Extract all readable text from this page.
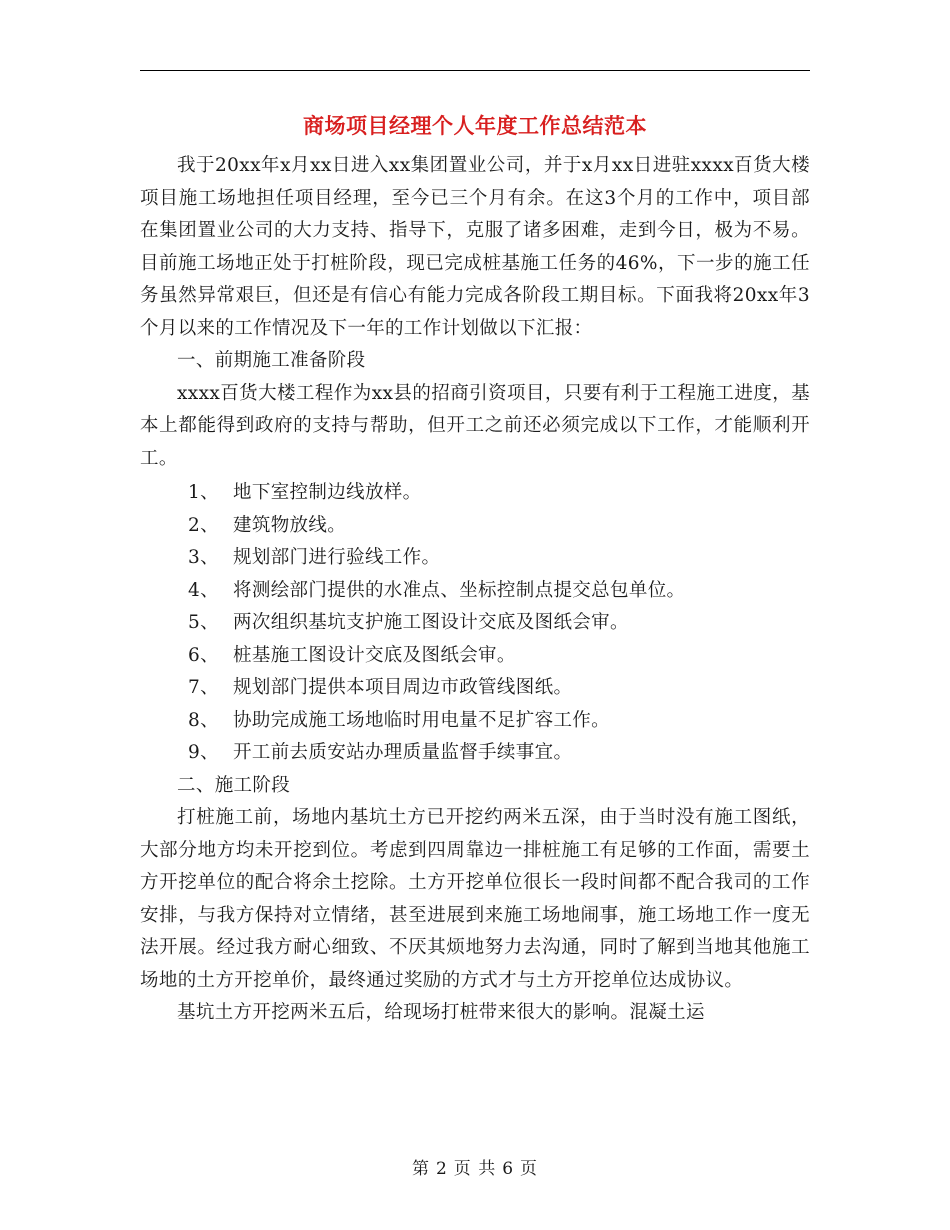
商场项目经理个人年度工作总结范本

我于20xx年x月xx日进入xx集团置业公司，并于x月xx日进驻xxxx百货大楼项目施工场地担任项目经理，至今已三个月有余。在这3个月的工作中，项目部在集团置业公司的大力支持、指导下，克服了诸多困难，走到今日，极为不易。目前施工场地正处于打桩阶段，现已完成桩基施工任务的46%，下一步的施工任务虽然异常艰巨，但还是有信心有能力完成各阶段工期目标。下面我将20xx年3个月以来的工作情况及下一年的工作计划做以下汇报：

一、前期施工准备阶段

xxxx百货大楼工程作为xx县的招商引资项目，只要有利于工程施工进度，基本上都能得到政府的支持与帮助，但开工之前还必须完成以下工作，才能顺利开工。

1、 地下室控制边线放样。
2、 建筑物放线。
3、 规划部门进行验线工作。
4、 将测绘部门提供的水准点、坐标控制点提交总包单位。
5、 两次组织基坑支护施工图设计交底及图纸会审。
6、 桩基施工图设计交底及图纸会审。
7、 规划部门提供本项目周边市政管线图纸。
8、 协助完成施工场地临时用电量不足扩容工作。
9、 开工前去质安站办理质量监督手续事宜。

二、施工阶段

打桩施工前，场地内基坑土方已开挖约两米五深，由于当时没有施工图纸，大部分地方均未开挖到位。考虑到四周靠边一排桩施工有足够的工作面，需要土方开挖单位的配合将余土挖除。土方开挖单位很长一段时间都不配合我司的工作安排，与我方保持对立情绪，甚至进展到来施工场地闹事，施工场地工作一度无法开展。经过我方耐心细致、不厌其烦地努力去沟通，同时了解到当地其他施工场地的土方开挖单价，最终通过奖励的方式才与土方开挖单位达成协议。

基坑土方开挖两米五后，给现场打桩带来很大的影响。混凝土运

第 2 页 共 6 页
